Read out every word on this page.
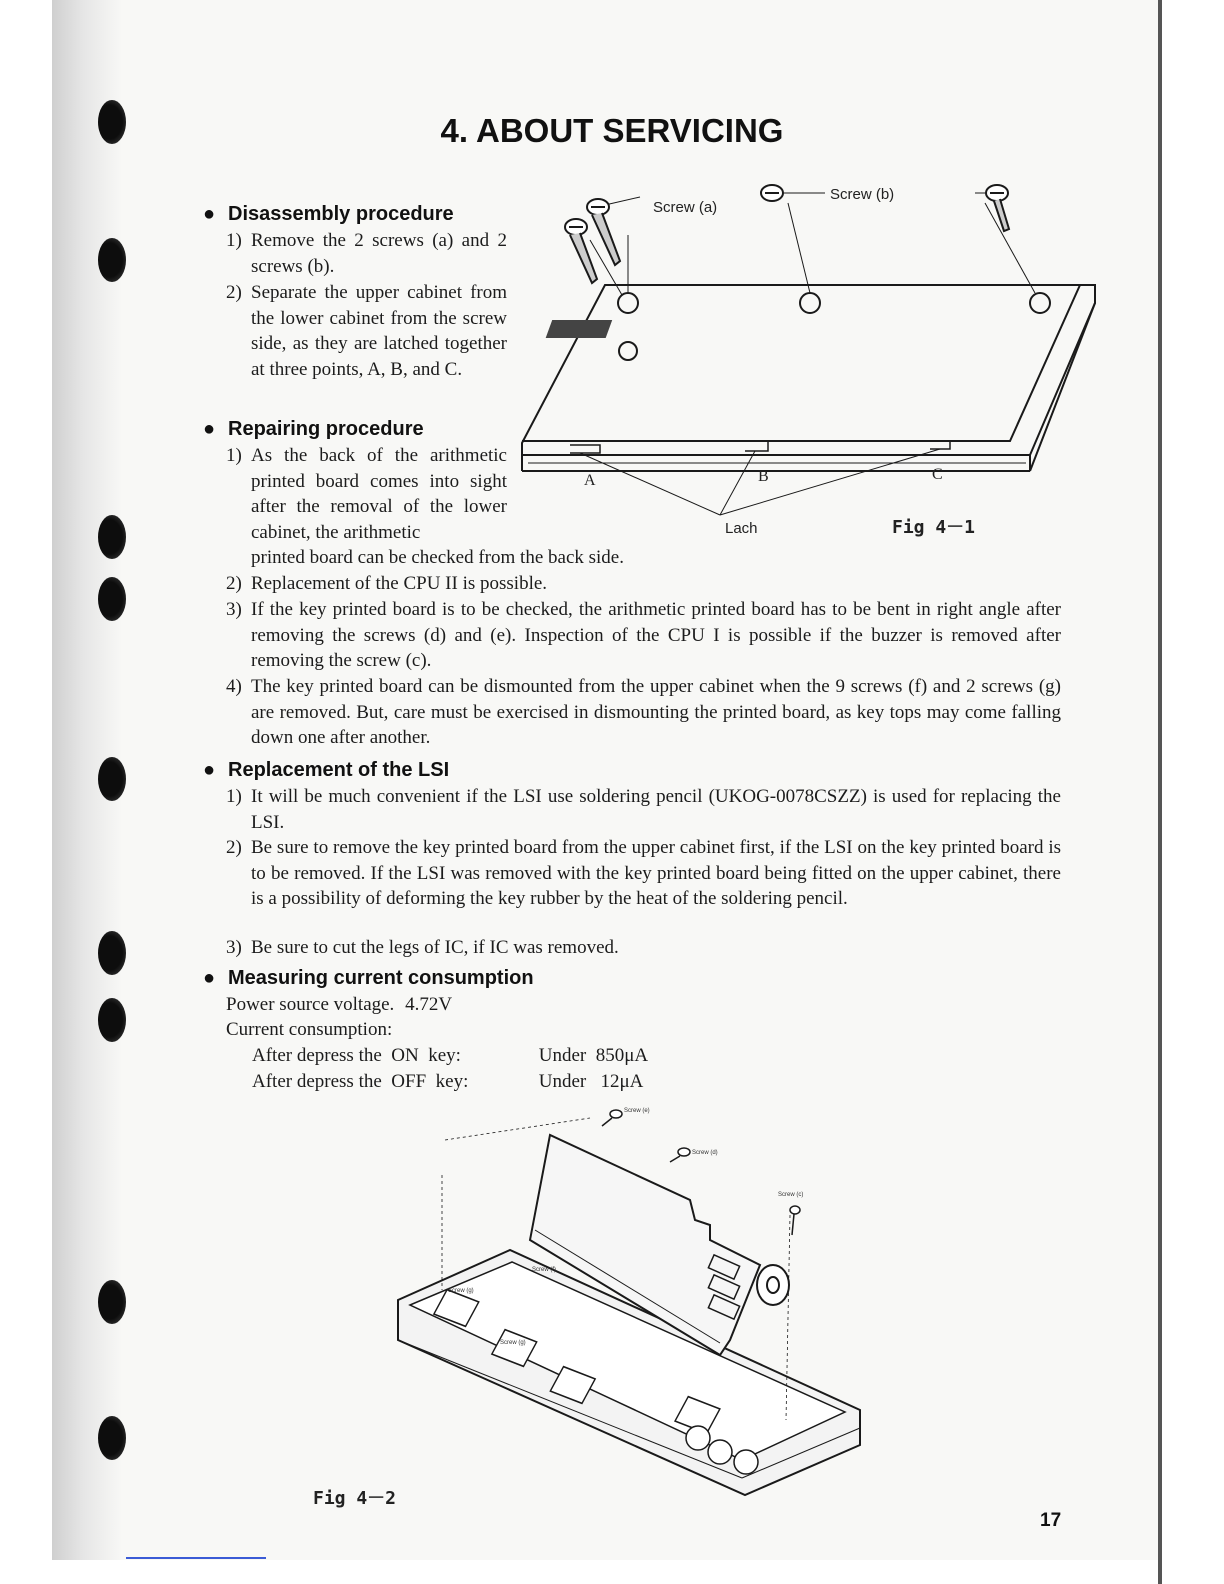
4. ABOUT SERVICING
● Disassembly procedure
1) Remove the 2 screws (a) and 2 screws (b).
2) Separate the upper cabinet from the lower cabinet from the screw side, as they are latched together at three points, A, B, and C.
● Repairing procedure
1) As the back of the arithmetic printed board comes into sight after the removal of the lower cabinet, the arithmetic
printed board can be checked from the back side.
2) Replacement of the CPU II is possible.
3) If the key printed board is to be checked, the arithmetic printed board has to be bent in right angle after removing the screws (d) and (e). Inspection of the CPU I is possible if the buzzer is removed after removing the screw (c).
4) The key printed board can be dismounted from the upper cabinet when the 9 screws (f) and 2 screws (g) are removed. But, care must be exercised in dismounting the printed board, as key tops may come falling down one after another.
● Replacement of the LSI
1) It will be much convenient if the LSI use soldering pencil (UKOG-0078CSZZ) is used for replacing the LSI.
2) Be sure to remove the key printed board from the upper cabinet first, if the LSI on the key printed board is to be removed. If the LSI was removed with the key printed board being fitted on the upper cabinet, there is a possibility of deforming the key rubber by the heat of the soldering pencil.
3) Be sure to cut the legs of IC, if IC was removed.
● Measuring current consumption
Power source voltage. 4.72V
Current consumption:
After depress the  ON  key:	Under  850μA
After depress the  OFF  key:	Under   12μA
Screw (a)
Screw (b)
A	B	C
Lach	Fig 4－1
Screw (e)
Screw (d)
Screw (c)
Screw (f)
Screw (g)
Screw (g)
Fig 4－2
17
